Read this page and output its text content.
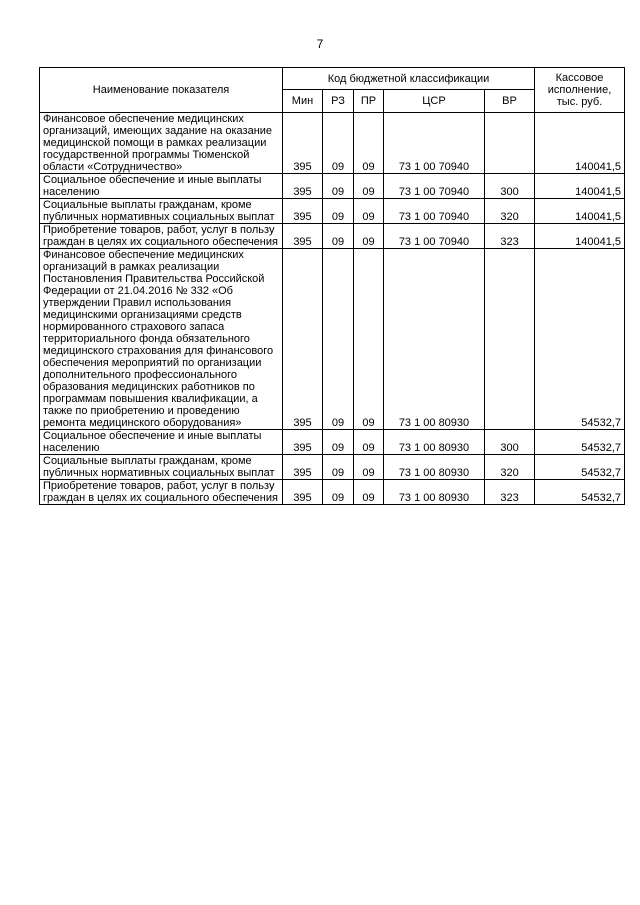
7
Наименование показателя	Код бюджетной классификации					Кассовое исполнение, тыс. руб.
	Мин	РЗ	ПР	ЦСР	ВР	
Финансовое обеспечение медицинских организаций, имеющих задание на оказание медицинской помощи в рамках реализации государственной программы Тюменской области «Сотрудничество»	395	09	09	73 1 00 70940		140041,5
Социальное обеспечение и иные выплаты населению	395	09	09	73 1 00 70940	300	140041,5
Социальные выплаты гражданам, кроме публичных нормативных социальных выплат	395	09	09	73 1 00 70940	320	140041,5
Приобретение товаров, работ, услуг в пользу граждан в целях их социального обеспечения	395	09	09	73 1 00 70940	323	140041,5
Финансовое обеспечение медицинских организаций в рамках реализации Постановления Правительства Российской Федерации от 21.04.2016 № 332 «Об утверждении Правил использования медицинскими организациями средств нормированного страхового запаса территориального фонда обязательного медицинского страхования для финансового обеспечения мероприятий по организации дополнительного профессионального образования медицинских работников по программам повышения квалификации, а также по приобретению и проведению ремонта медицинского оборудования»	395	09	09	73 1 00 80930		54532,7
Социальное обеспечение и иные выплаты населению	395	09	09	73 1 00 80930	300	54532,7
Социальные выплаты гражданам, кроме публичных нормативных социальных выплат	395	09	09	73 1 00 80930	320	54532,7
Приобретение товаров, работ, услуг в пользу граждан в целях их социального обеспечения	395	09	09	73 1 00 80930	323	54532,7
